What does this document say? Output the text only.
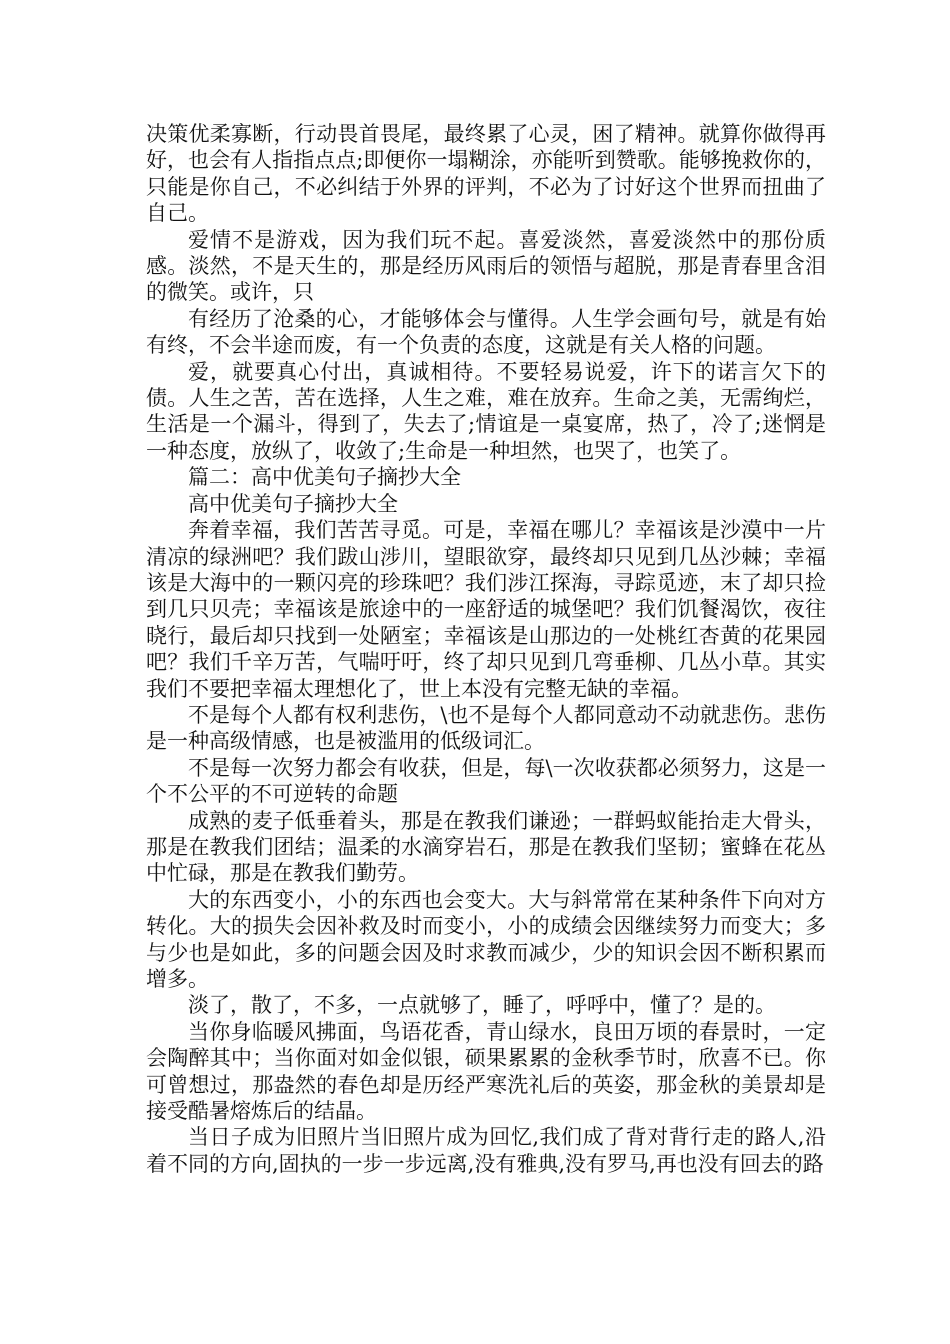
决策优柔寡断，行动畏首畏尾，最终累了心灵，困了精神。就算你做得再好，也会有人指指点点;即便你一塌糊涂，亦能听到赞歌。能够挽救你的，只能是你自己，不必纠结于外界的评判，不必为了讨好这个世界而扭曲了自己。

爱情不是游戏，因为我们玩不起。喜爱淡然，喜爱淡然中的那份质感。淡然，不是天生的，那是经历风雨后的领悟与超脱，那是青春里含泪的微笑。或许，只

有经历了沧桑的心，才能够体会与懂得。人生学会画句号，就是有始有终，不会半途而废，有一个负责的态度，这就是有关人格的问题。

爱，就要真心付出，真诚相待。不要轻易说爱，许下的诺言欠下的债。人生之苦，苦在选择，人生之难，难在放弃。生命之美，无需绚烂，生活是一个漏斗，得到了，失去了;情谊是一桌宴席，热了，冷了;迷惘是一种态度，放纵了，收敛了;生命是一种坦然，也哭了，也笑了。

篇二：高中优美句子摘抄大全

高中优美句子摘抄大全

奔着幸福，我们苦苦寻觅。可是，幸福在哪儿？幸福该是沙漠中一片清凉的绿洲吧？我们跋山涉川，望眼欲穿，最终却只见到几丛沙棘；幸福该是大海中的一颗闪亮的珍珠吧？我们涉江探海，寻踪觅迹，末了却只捡到几只贝壳；幸福该是旅途中的一座舒适的城堡吧？我们饥餐渴饮，夜往晓行，最后却只找到一处陋室；幸福该是山那边的一处桃红杏黄的花果园吧？我们千辛万苦，气喘吁吁，终了却只见到几弯垂柳、几丛小草。其实我们不要把幸福太理想化了，世上本没有完整无缺的幸福。

不是每个人都有权利悲伤，\也不是每个人都同意动不动就悲伤。悲伤是一种高级情感，也是被滥用的低级词汇。

不是每一次努力都会有收获，但是，每\一次收获都必须努力，这是一个不公平的不可逆转的命题

成熟的麦子低垂着头，那是在教我们谦逊；一群蚂蚁能抬走大骨头，那是在教我们团结；温柔的水滴穿岩石，那是在教我们坚韧；蜜蜂在花丛中忙碌，那是在教我们勤劳。

大的东西变小，小的东西也会变大。大与斜常常在某种条件下向对方转化。大的损失会因补救及时而变小，小的成绩会因继续努力而变大；多与少也是如此，多的问题会因及时求教而减少，少的知识会因不断积累而增多。

淡了，散了，不多，一点就够了，睡了，呼呼中，懂了？是的。

当你身临暖风拂面，鸟语花香，青山绿水，良田万顷的春景时，一定会陶醉其中；当你面对如金似银，硕果累累的金秋季节时，欣喜不已。你可曾想过，那盎然的春色却是历经严寒洗礼后的英姿，那金秋的美景却是接受酷暑熔炼后的结晶。

当日子成为旧照片当旧照片成为回忆,我们成了背对背行走的路人,沿着不同的方向,固执的一步一步远离,没有雅典,没有罗马,再也没有回去的路
